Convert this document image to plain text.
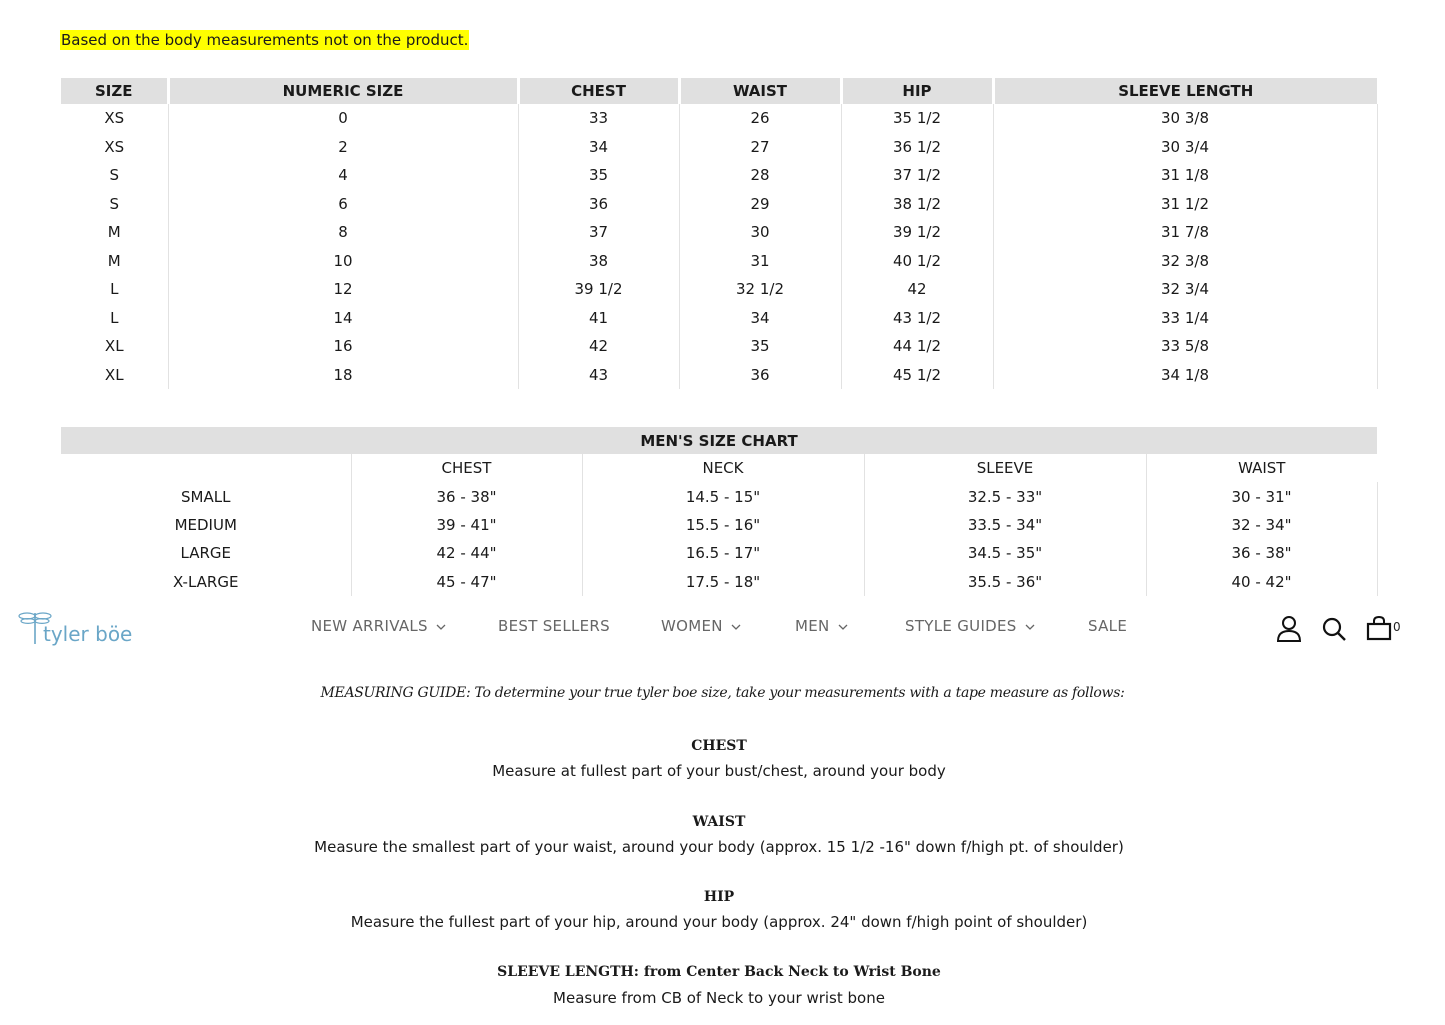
Based on the body measurements not on the product.
SIZE	NUMERIC SIZE	CHEST	WAIST	HIP	SLEEVE LENGTH
XS	0	33	26	35 1/2	30 3/8
XS	2	34	27	36 1/2	30 3/4
S	4	35	28	37 1/2	31 1/8
S	6	36	29	38 1/2	31 1/2
M	8	37	30	39 1/2	31 7/8
M	10	38	31	40 1/2	32 3/8
L	12	39 1/2	32 1/2	42	32 3/4
L	14	41	34	43 1/2	33 1/4
XL	16	42	35	44 1/2	33 5/8
XL	18	43	36	45 1/2	34 1/8
MEN'S SIZE CHART				
	CHEST	NECK	SLEEVE	WAIST
SMALL	36 - 38"	14.5 - 15"	32.5 - 33"	30 - 31"
MEDIUM	39 - 41"	15.5 - 16"	33.5 - 34"	32 - 34"
LARGE	42 - 44"	16.5 - 17"	34.5 - 35"	36 - 38"
X-LARGE	45 - 47"	17.5 - 18"	35.5 - 36"	40 - 42"
tyler böe	NEW ARRIVALS	BEST SELLERS	WOMEN	MEN	STYLE GUIDES	SALE	0
MEASURING GUIDE: To determine your true tyler boe size, take your measurements with a tape measure as follows:
CHEST
Measure at fullest part of your bust/chest, around your body
WAIST
Measure the smallest part of your waist, around your body (approx. 15 1/2 -16" down f/high pt. of shoulder)
HIP
Measure the fullest part of your hip, around your body (approx. 24" down f/high point of shoulder)
SLEEVE LENGTH: from Center Back Neck to Wrist Bone
Measure from CB of Neck to your wrist bone
